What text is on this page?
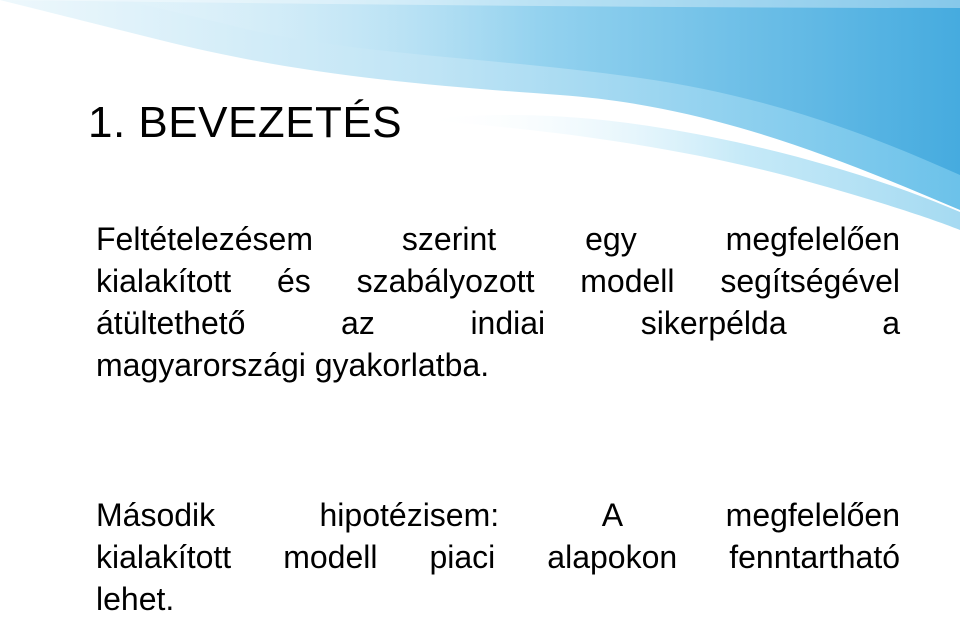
1. BEVEZETÉS
Feltételezésem szerint egy megfelelően
kialakított és szabályozott modell segítségével
átültethető az indiai sikerpélda a
magyarországi gyakorlatba.
Második hipotézisem: A megfelelően
kialakított modell piaci alapokon fenntartható
lehet.
